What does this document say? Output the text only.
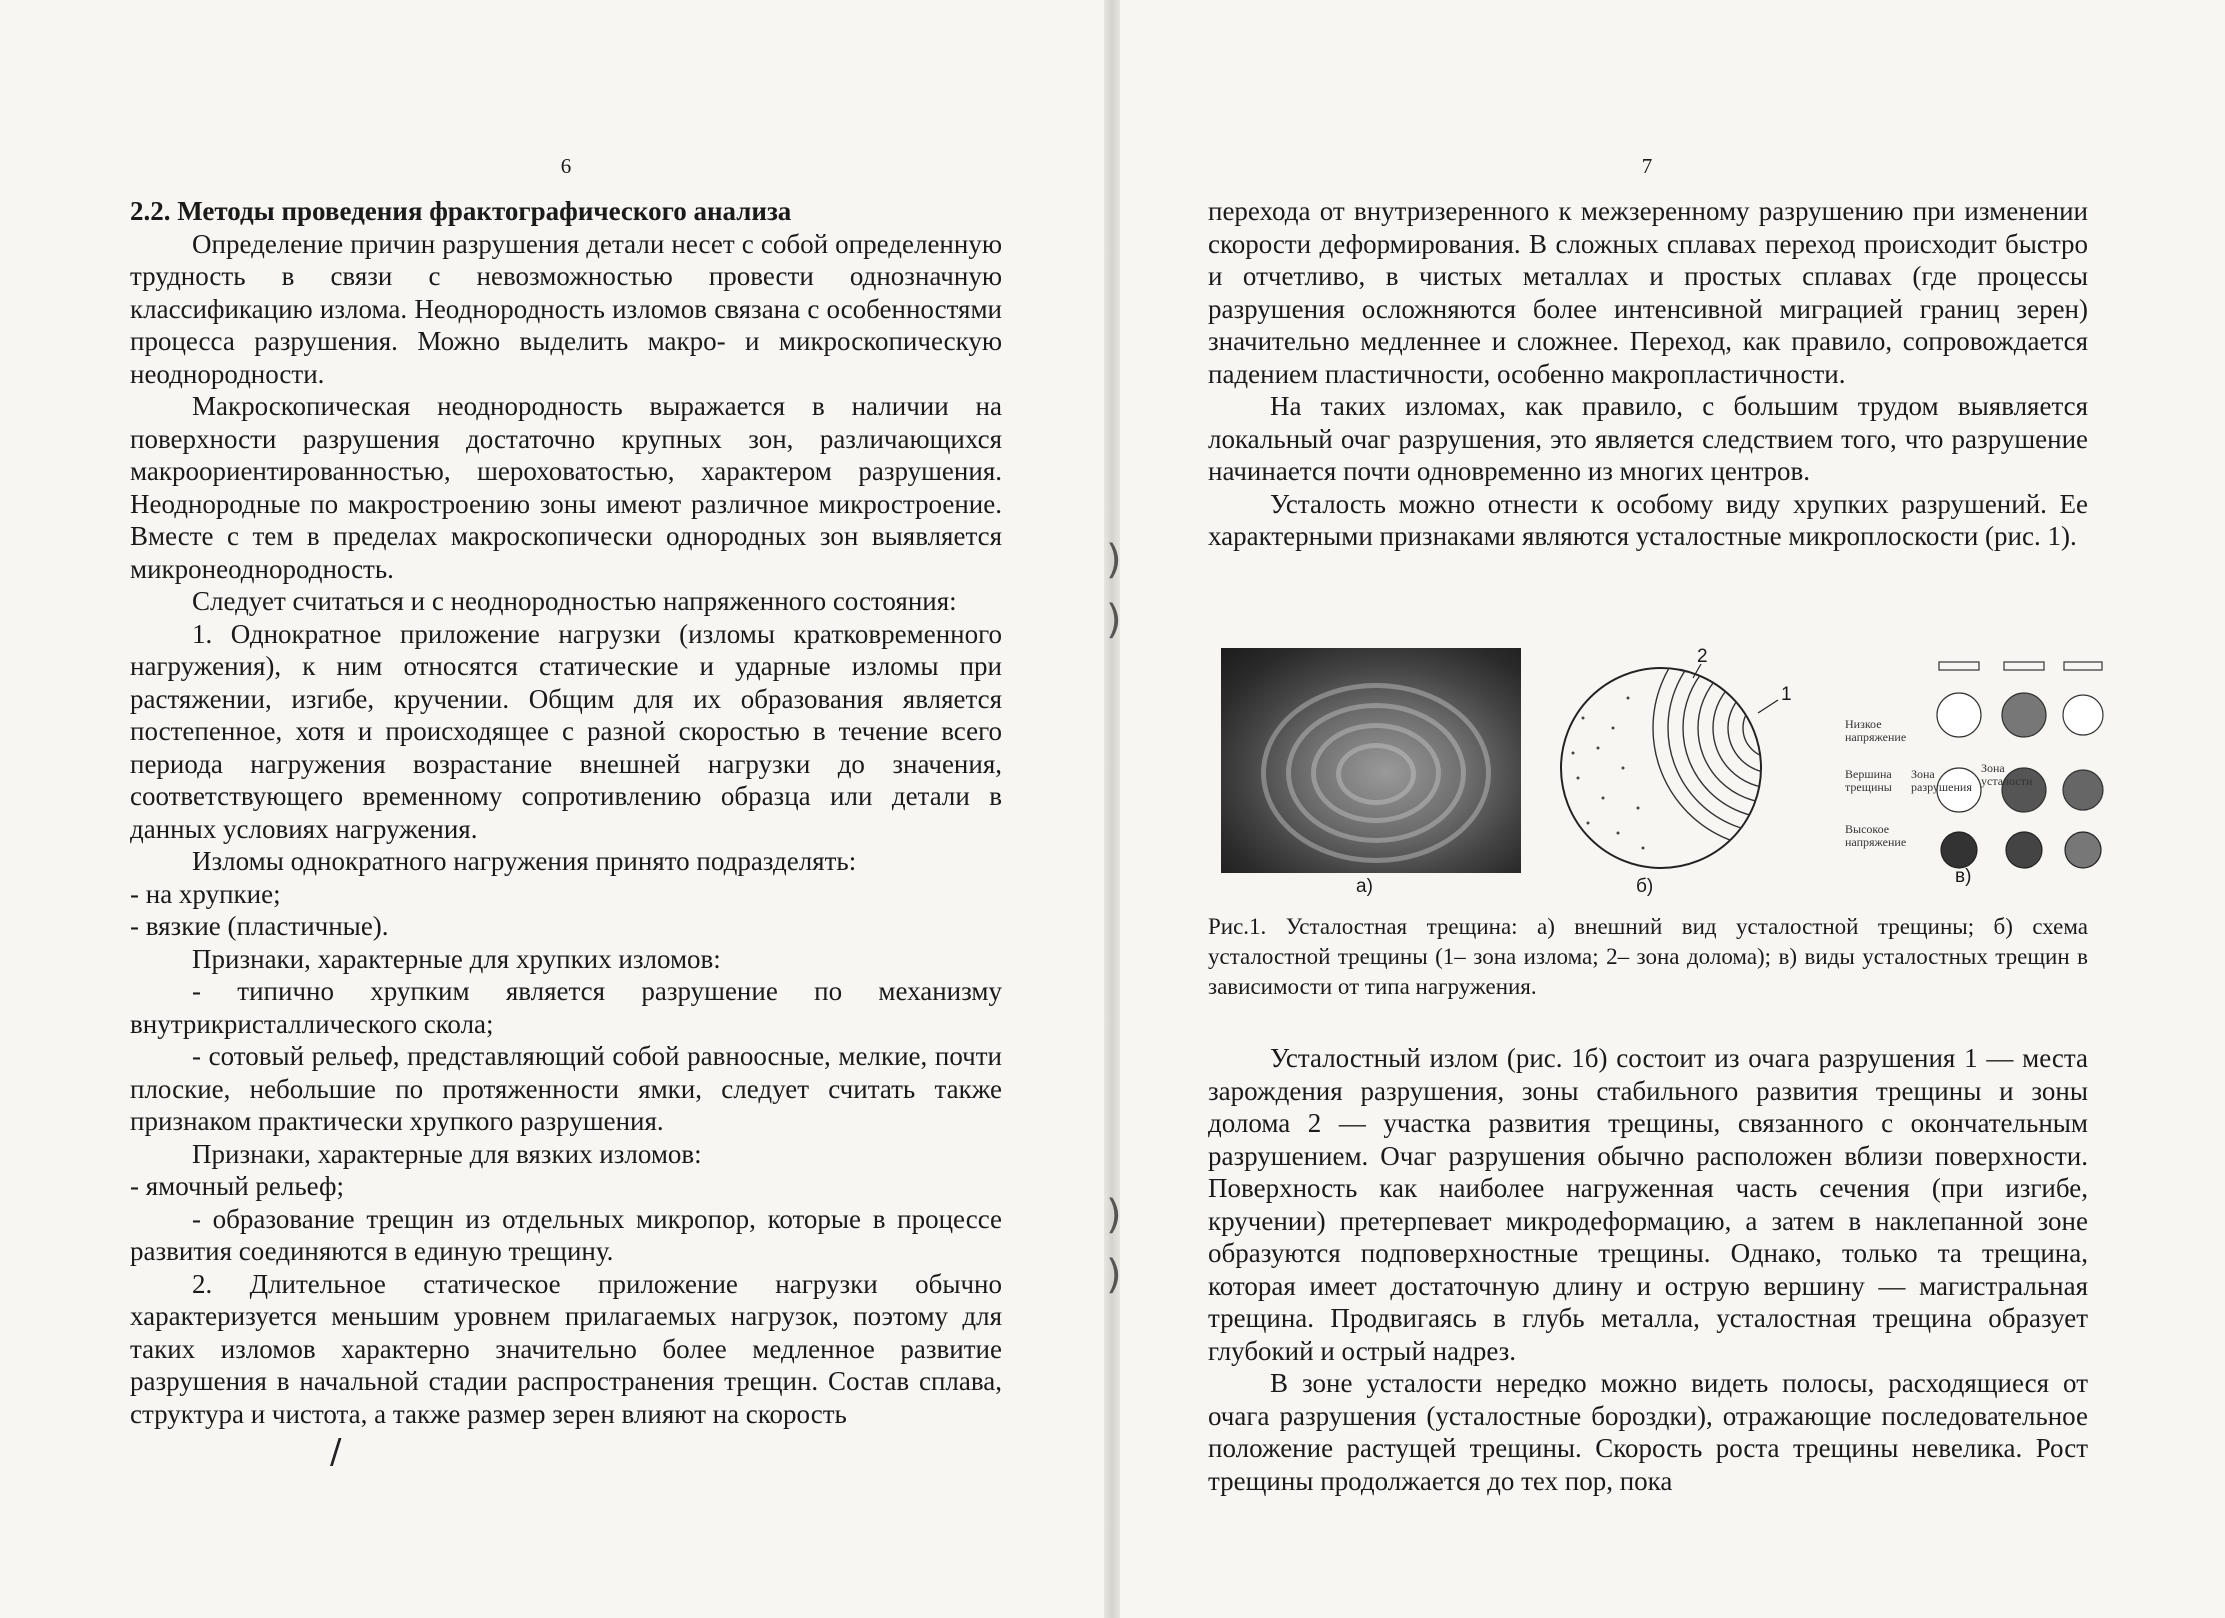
)
)
)
)
6

2.2. Методы проведения фрактографического анализа

Определение причин разрушения детали несет с собой определенную трудность в связи с невозможностью провести однозначную классификацию излома. Неоднородность изломов связана с особенностями процесса разрушения. Можно выделить макро- и микроскопическую неоднородности.

Макроскопическая неоднородность выражается в наличии на поверхности разрушения достаточно крупных зон, различающихся макроориентированностью, шероховатостью, характером разрушения. Неоднородные по макростроению зоны имеют различное микростроение. Вместе с тем в пределах макроскопически однородных зон выявляется микронеоднородность.

Следует считаться и с неоднородностью напряженного состояния:

1. Однократное приложение нагрузки (изломы кратковременного нагружения), к ним относятся статические и ударные изломы при растяжении, изгибе, кручении. Общим для их образования является постепенное, хотя и происходящее с разной скоростью в течение всего периода нагружения возрастание внешней нагрузки до значения, соответствующего временному сопротивлению образца или детали в данных условиях нагружения.

Изломы однократного нагружения принято подразделять:

- на хрупкие;

- вязкие (пластичные).

Признаки, характерные для хрупких изломов:

- типично хрупким является разрушение по механизму внутрикристаллического скола;

- сотовый рельеф, представляющий собой равноосные, мелкие, почти плоские, небольшие по протяженности ямки, следует считать также признаком практически хрупкого разрушения.

Признаки, характерные для вязких изломов:

- ямочный рельеф;

- образование трещин из отдельных микропор, которые в процессе развития соединяются в единую трещину.

2. Длительное статическое приложение нагрузки обычно характеризуется меньшим уровнем прилагаемых нагрузок, поэтому для таких изломов характерно значительно более медленное развитие разрушения в начальной стадии распространения трещин. Состав сплава, структура и чистота, а также размер зерен влияют на скорость

/
7

перехода от внутризеренного к межзеренному разрушению при изменении скорости деформирования. В сложных сплавах переход происходит быстро и отчетливо, в чистых металлах и простых сплавах (где процессы разрушения осложняются более интенсивной миграцией границ зерен) значительно медленнее и сложнее. Переход, как правило, сопровождается падением пластичности, особенно макропластичности.

На таких изломах, как правило, с большим трудом выявляется локальный очаг разрушения, это является следствием того, что разрушение начинается почти одновременно из многих центров.

Усталость можно отнести к особому виду хрупких разрушений. Ее характерными признаками являются усталостные микроплоскости (рис. 1).

а)
2
1
б)
Низкое напряжение
Вершина трещины
Зона разрушения
Зона усталости
Высокое напряжение
в)
Рис.1. Усталостная трещина: а) внешний вид усталостной трещины; б) схема усталостной трещины (1– зона излома; 2– зона долома); в) виды усталостных трещин в зависимости от типа нагружения.

Усталостный излом (рис. 1б) состоит из очага разрушения 1 — места зарождения разрушения, зоны стабильного развития трещины и зоны долома 2 — участка развития трещины, связанного с окончательным разрушением. Очаг разрушения обычно расположен вблизи поверхности. Поверхность как наиболее нагруженная часть сечения (при изгибе, кручении) претерпевает микродеформацию, а затем в наклепанной зоне образуются подповерхностные трещины. Однако, только та трещина, которая имеет достаточную длину и острую вершину — магистральная трещина. Продвигаясь в глубь металла, усталостная трещина образует глубокий и острый надрез.

В зоне усталости нередко можно видеть полосы, расходящиеся от очага разрушения (усталостные бороздки), отражающие последовательное положение растущей трещины. Скорость роста трещины невелика. Рост трещины продолжается до тех пор, пока
